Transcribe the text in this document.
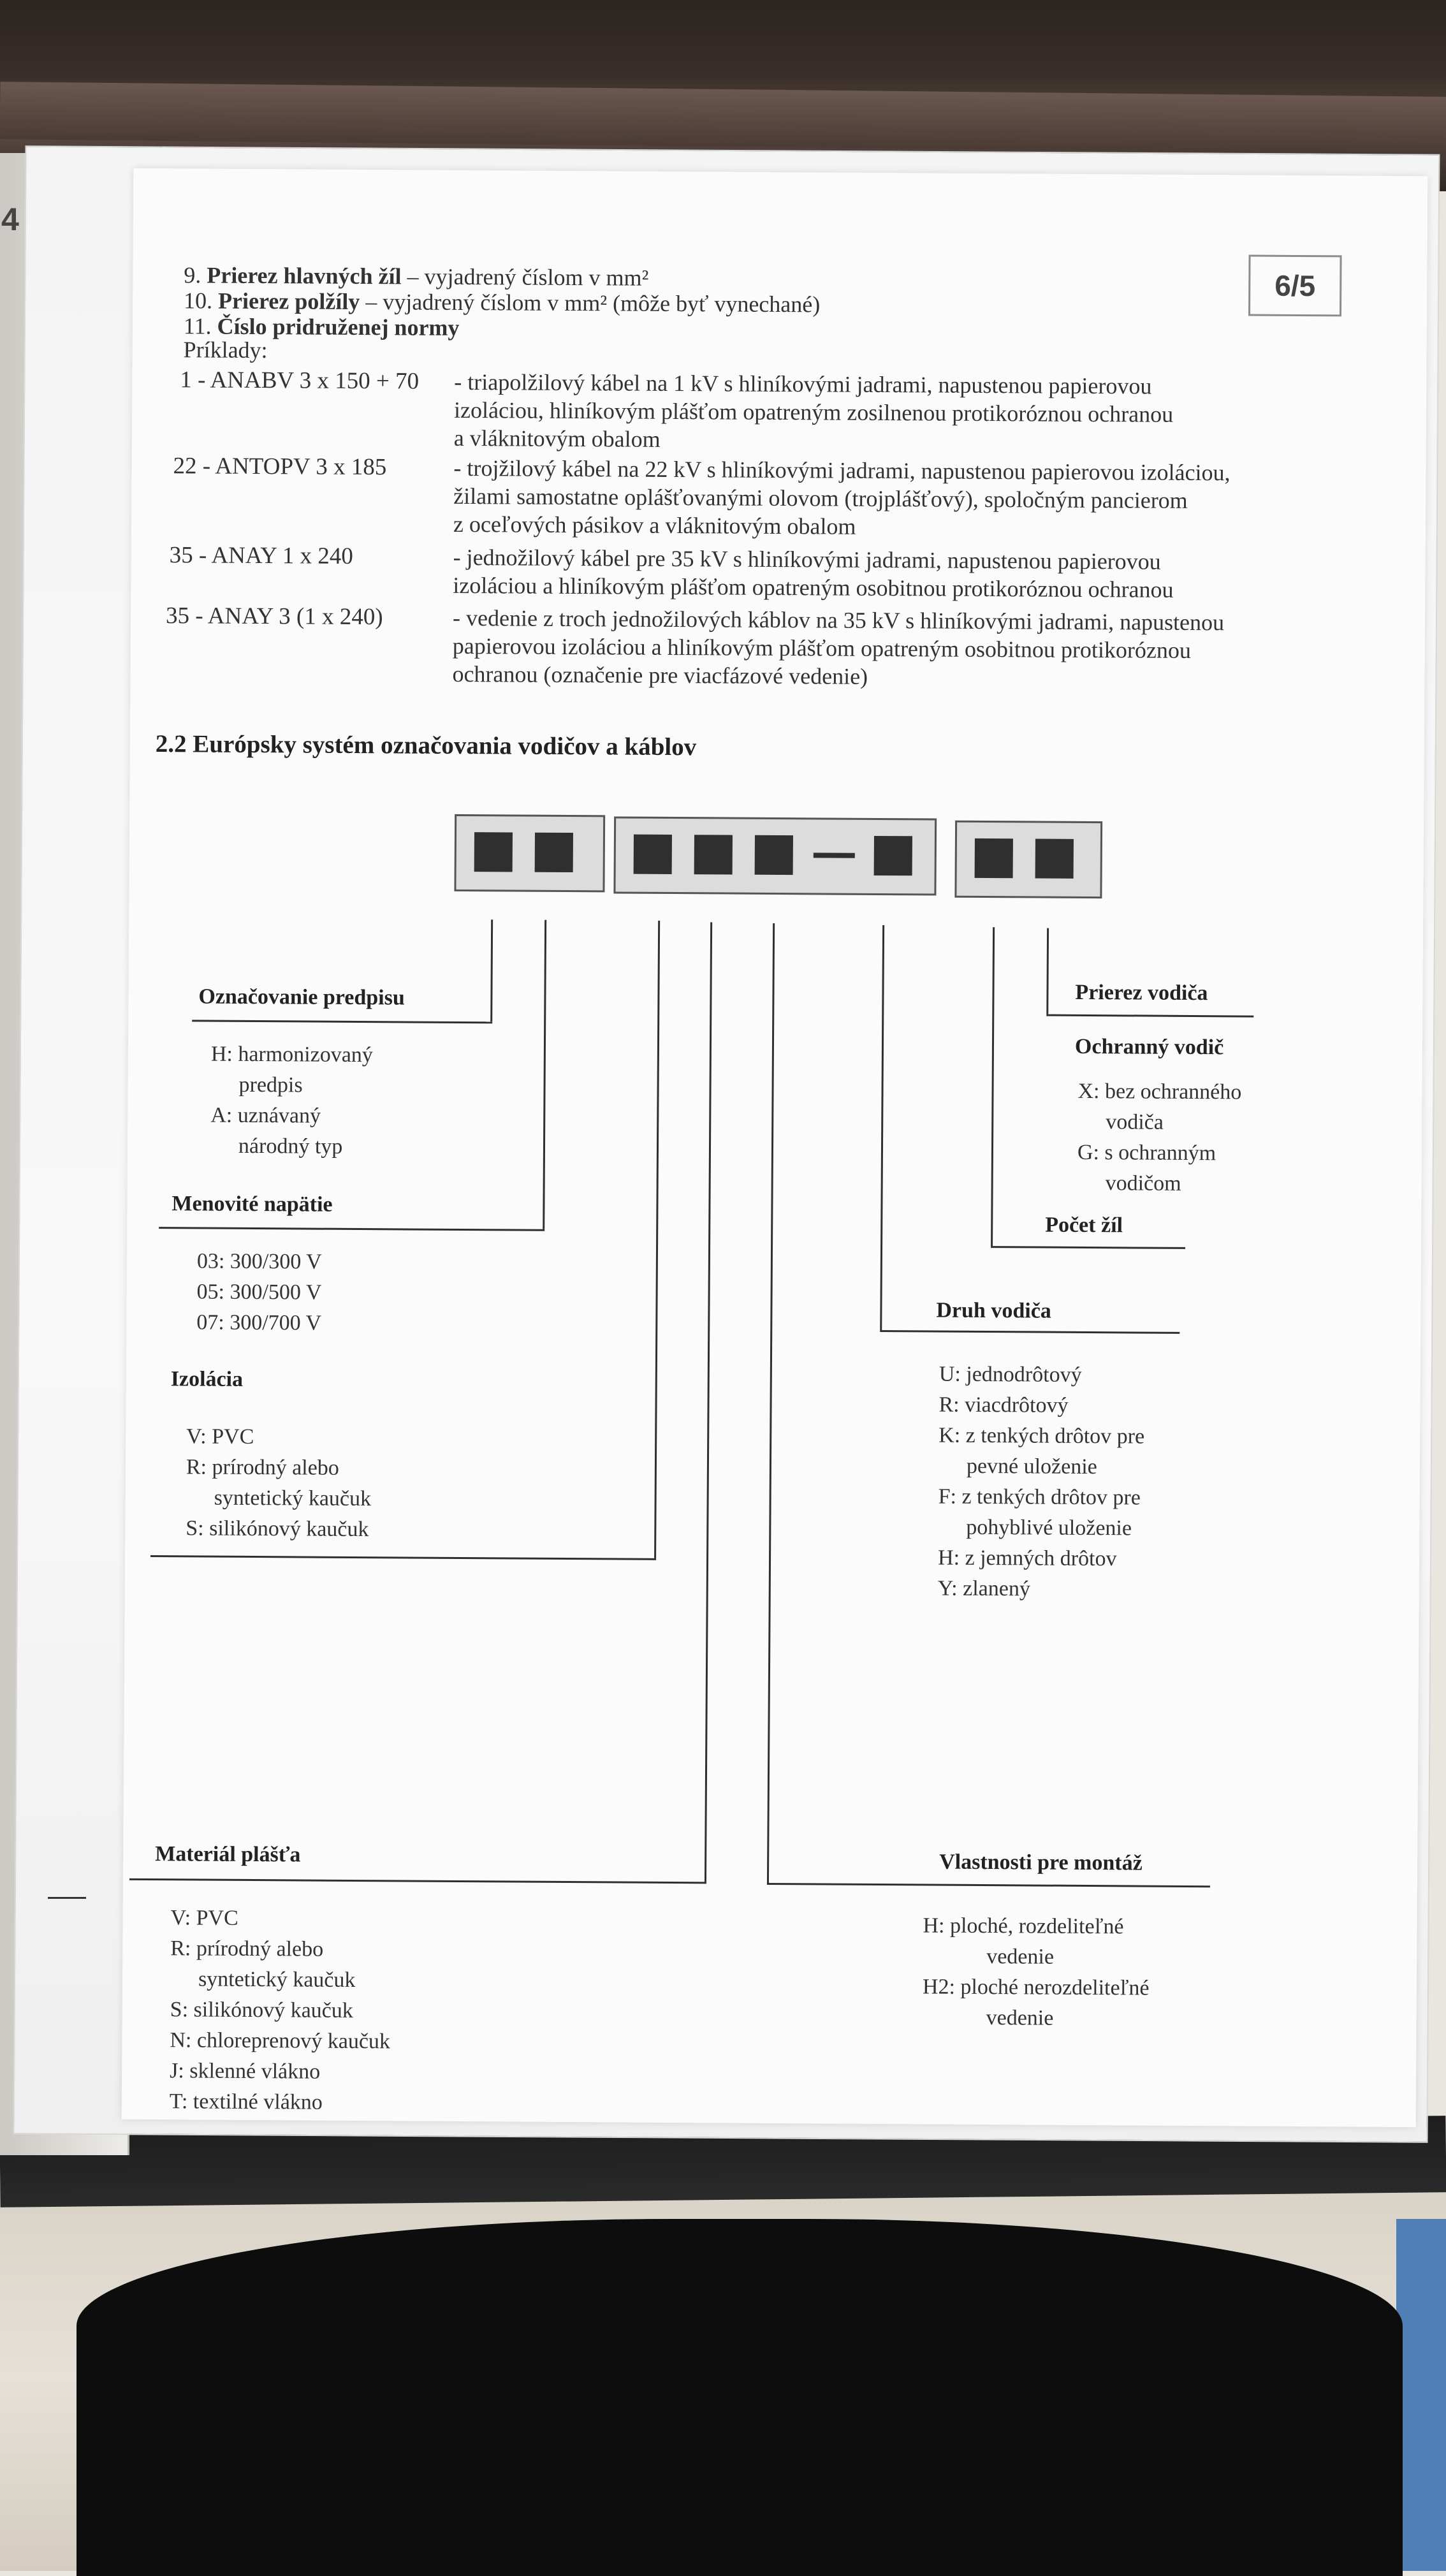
4
6/5
9. Prierez hlavných žíl – vyjadrený číslom v mm²
10. Prierez polžíly – vyjadrený číslom v mm² (môže byť vynechané)
11. Číslo pridruženej normy
Príklady:
1 - ANABV 3 x 150 + 70 - triapolžilový kábel na 1 kV s hliníkovými jadrami, napustenou papierovou
izoláciou, hliníkovým plášťom opatreným zosilnenou protikoróznou ochranou
a vláknitovým obalom
22 - ANTOPV 3 x 185	- trojžilový kábel na 22 kV s hliníkovými jadrami, napustenou papierovou izoláciou,
žilami samostatne oplášťovanými olovom (trojplášťový), spoločným pancierom
z oceľových pásikov a vláknitovým obalom
35 - ANAY 1 x 240	- jednožilový kábel pre 35 kV s hliníkovými jadrami, napustenou papierovou
izoláciou a hliníkovým plášťom opatreným osobitnou protikoróznou ochranou
35 - ANAY 3 (1 x 240)	- vedenie z troch jednožilových káblov na 35 kV s hliníkovými jadrami, napustenou
papierovou izoláciou a hliníkovým plášťom opatreným osobitnou protikoróznou
ochranou (označenie pre viacfázové vedenie)
2.2 Európsky systém označovania vodičov a káblov
Označovanie predpisu
H: harmonizovaný
predpis
A: uznávaný
národný typ
Menovité napätie
03: 300/300 V
05: 300/500 V
07: 300/700 V
Izolácia
V: PVC
R: prírodný alebo
syntetický kaučuk
S: silikónový kaučuk
Materiál plášťa
V: PVC
R: prírodný alebo
syntetický kaučuk
S: silikónový kaučuk
N: chloreprenový kaučuk
J: sklenné vlákno
T: textilné vlákno
Prierez vodiča
Ochranný vodič
X: bez ochranného
vodiča
G: s ochranným
vodičom
Počet žíl
Druh vodiča
U: jednodrôtový
R: viacdrôtový
K: z tenkých drôtov pre
pevné uloženie
F: z tenkých drôtov pre
pohyblivé uloženie
H: z jemných drôtov
Y: zlanený
Vlastnosti pre montáž
H: ploché, rozdeliteľné
vedenie
H2: ploché nerozdeliteľné
vedenie
